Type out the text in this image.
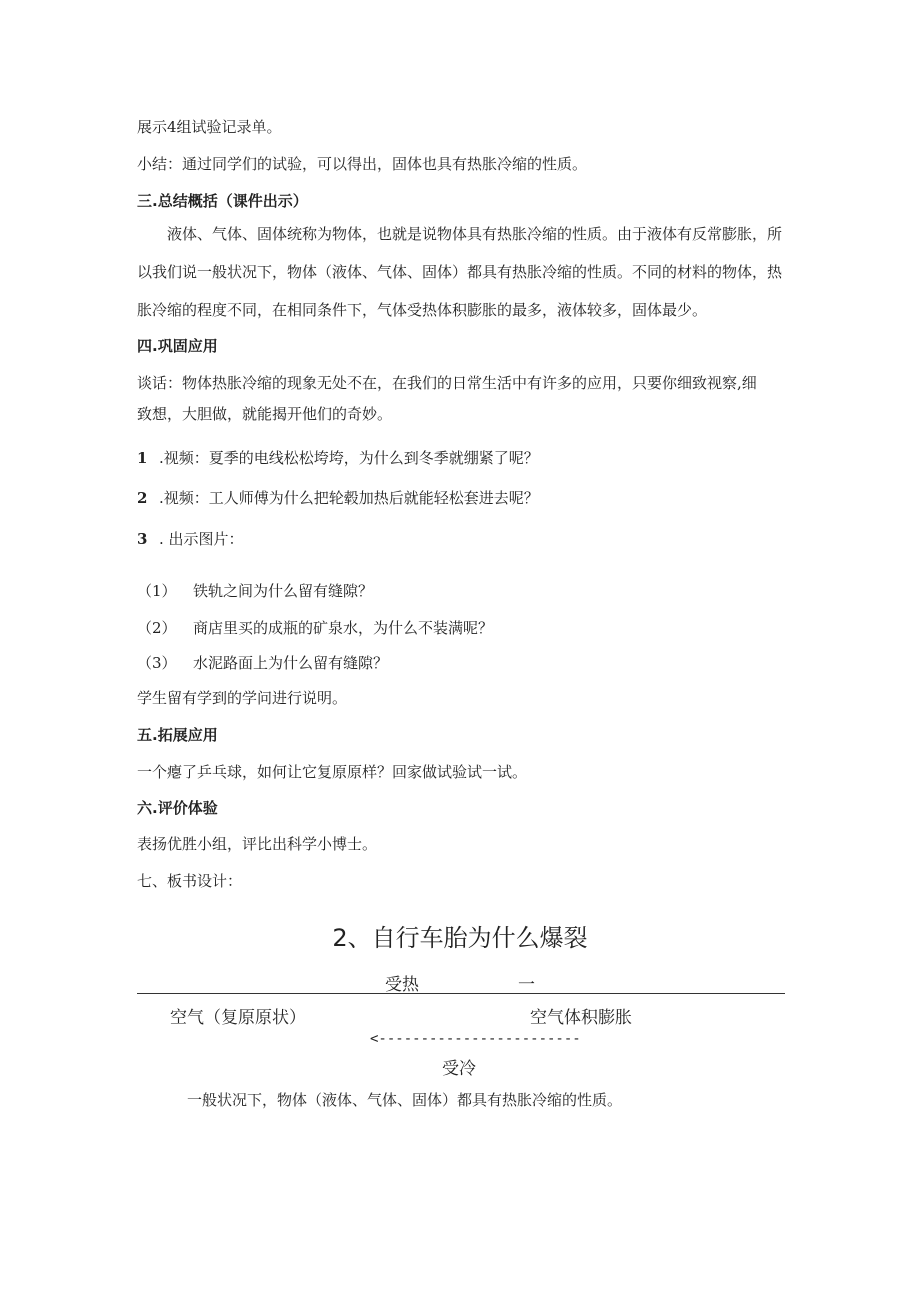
展示4组试验记录单。
小结：通过同学们的试验，可以得出，固体也具有热胀冷缩的性质。
三.总结概括（课件出示）
液体、气体、固体统称为物体，也就是说物体具有热胀冷缩的性质。由于液体有反常膨胀，所以我们说一般状况下，物体（液体、气体、固体）都具有热胀冷缩的性质。不同的材料的物体，热胀冷缩的程度不同，在相同条件下，气体受热体积膨胀的最多，液体较多，固体最少。
四.巩固应用
谈话：物体热胀冷缩的现象无处不在，在我们的日常生活中有许多的应用，只要你细致视察,细
致想，大胆做，就能揭开他们的奇妙。
1 .视频：夏季的电线松松垮垮，为什么到冬季就绷紧了呢？
2 .视频：工人师傅为什么把轮毂加热后就能轻松套进去呢？
3 . 出示图片：
（1） 铁轨之间为什么留有缝隙？
（2） 商店里买的成瓶的矿泉水，为什么不装满呢？
（3） 水泥路面上为什么留有缝隙？
学生留有学到的学问进行说明。
五.拓展应用
一个瘪了乒乓球，如何让它复原原样？回家做试验试一试。
六.评价体验
表扬优胜小组，评比出科学小博士。
七、板书设计：
2、自行车胎为什么爆裂
受热	一
空气（复原原状）	空气体积膨胀
<------------------------
受冷
一般状况下，物体（液体、气体、固体）都具有热胀冷缩的性质。
